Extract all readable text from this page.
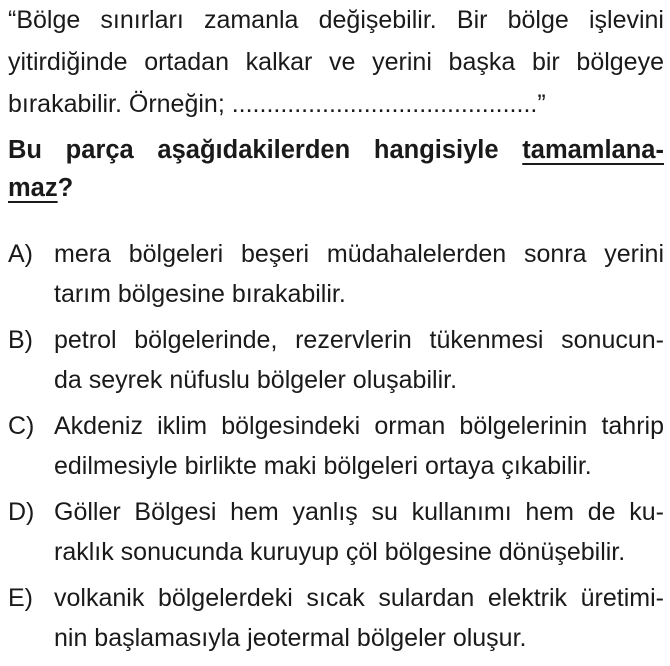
“Bölge sınırları zamanla değişebilir. Bir bölge işlevini
yitirdiğinde ortadan kalkar ve yerini başka bir bölgeye
bırakabilir. Örneğin; ............................................”
Bu parça aşağıdakilerden hangisiyle tamamlana-
maz?
A) mera bölgeleri beşeri müdahalelerden sonra yerini
tarım bölgesine bırakabilir.
B) petrol bölgelerinde, rezervlerin tükenmesi sonucun-
da seyrek nüfuslu bölgeler oluşabilir.
C) Akdeniz iklim bölgesindeki orman bölgelerinin tahrip
edilmesiyle birlikte maki bölgeleri ortaya çıkabilir.
D) Göller Bölgesi hem yanlış su kullanımı hem de ku-
raklık sonucunda kuruyup çöl bölgesine dönüşebilir.
E) volkanik bölgelerdeki sıcak sulardan elektrik üretimi-
nin başlamasıyla jeotermal bölgeler oluşur.
